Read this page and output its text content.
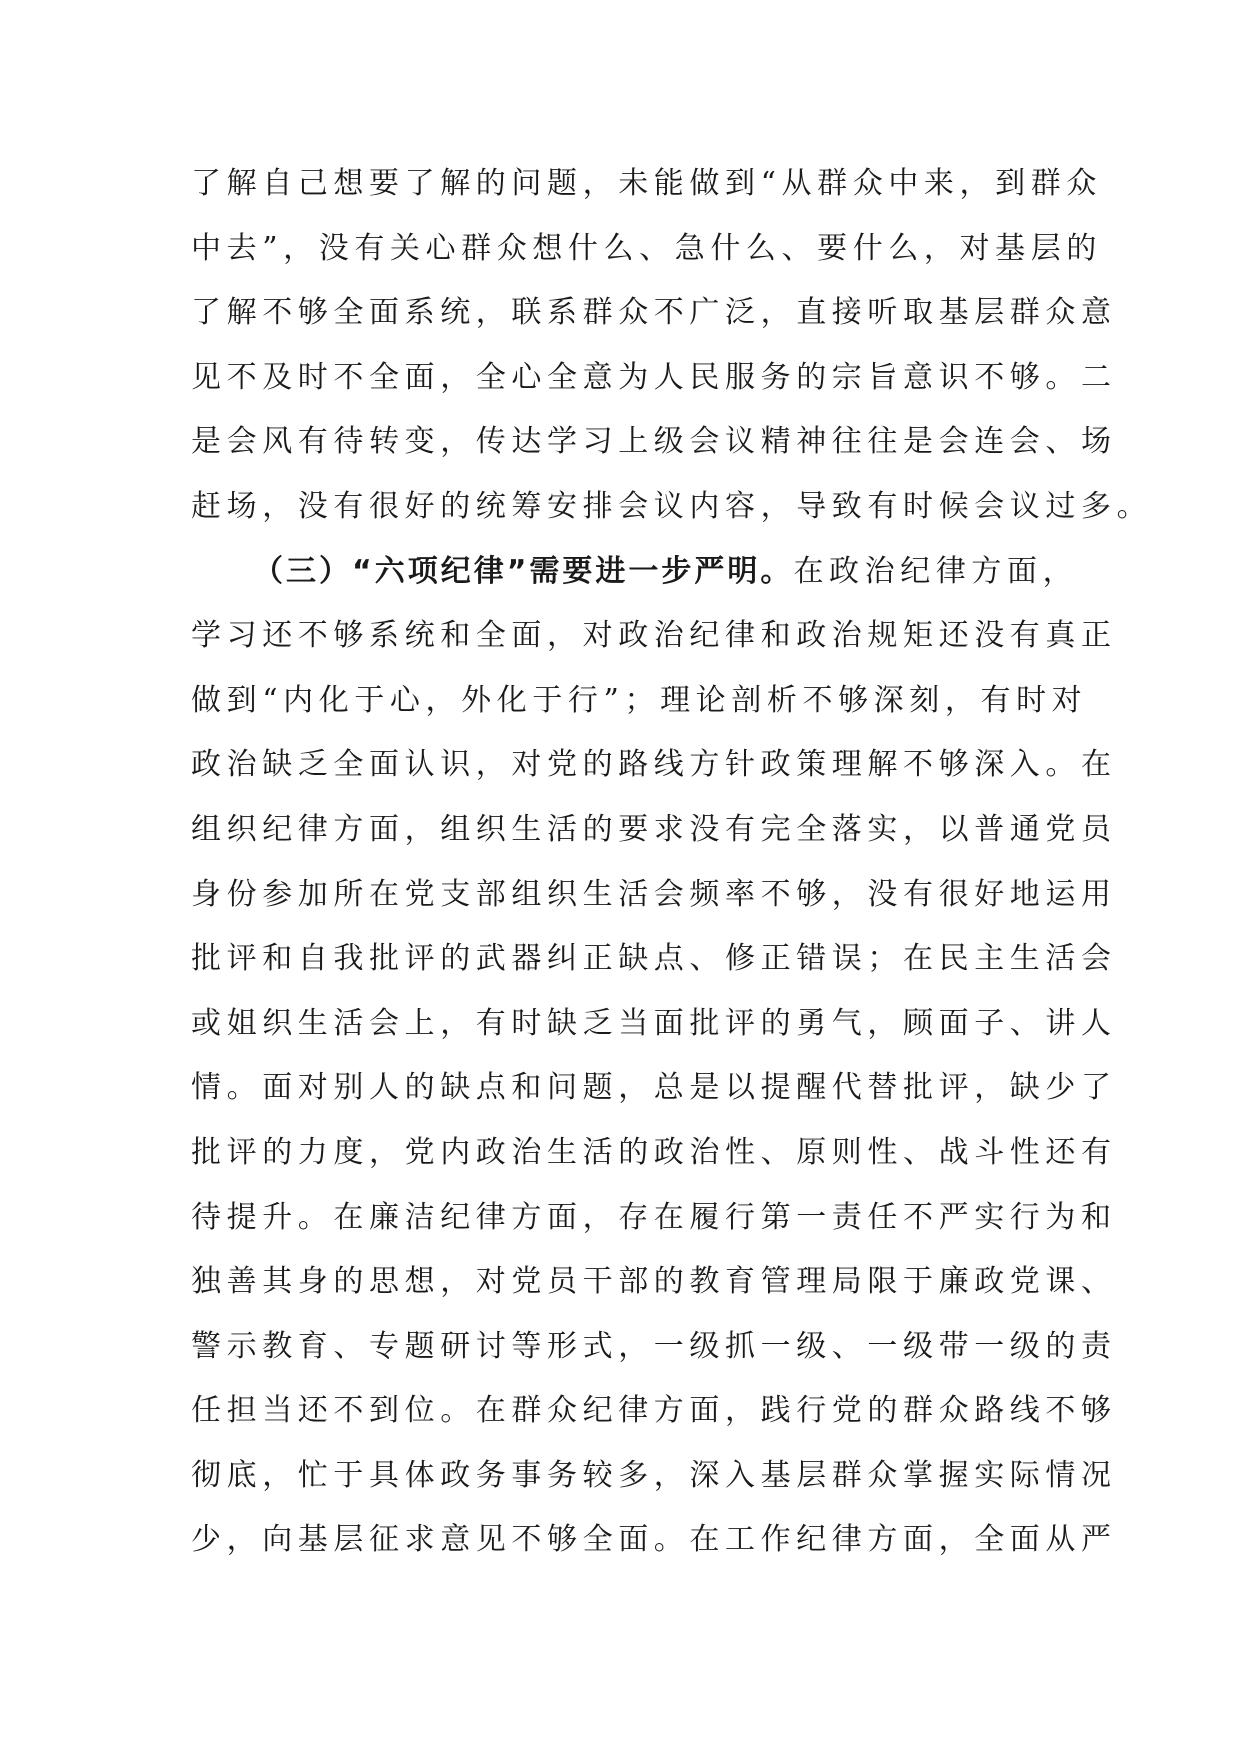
了解自己想要了解的问题，未能做到“从群众中来，到群众
中去”，没有关心群众想什么、急什么、要什么，对基层的
了解不够全面系统，联系群众不广泛，直接听取基层群众意
见不及时不全面，全心全意为人民服务的宗旨意识不够。二
是会风有待转变，传达学习上级会议精神往往是会连会、场
赶场，没有很好的统筹安排会议内容，导致有时候会议过多。
（三）“六项纪律”需要进一步严明。在政治纪律方面，
学习还不够系统和全面，对政治纪律和政治规矩还没有真正
做到“内化于心，外化于行”；理论剖析不够深刻，有时对
政治缺乏全面认识，对党的路线方针政策理解不够深入。在
组织纪律方面，组织生活的要求没有完全落实，以普通党员
身份参加所在党支部组织生活会频率不够，没有很好地运用
批评和自我批评的武器纠正缺点、修正错误；在民主生活会
或姐织生活会上，有时缺乏当面批评的勇气，顾面子、讲人
情。面对别人的缺点和问题，总是以提醒代替批评，缺少了
批评的力度，党内政治生活的政治性、原则性、战斗性还有
待提升。在廉洁纪律方面，存在履行第一责任不严实行为和
独善其身的思想，对党员干部的教育管理局限于廉政党课、
警示教育、专题研讨等形式，一级抓一级、一级带一级的责
任担当还不到位。在群众纪律方面，践行党的群众路线不够
彻底，忙于具体政务事务较多，深入基层群众掌握实际情况
少，向基层征求意见不够全面。在工作纪律方面，全面从严
